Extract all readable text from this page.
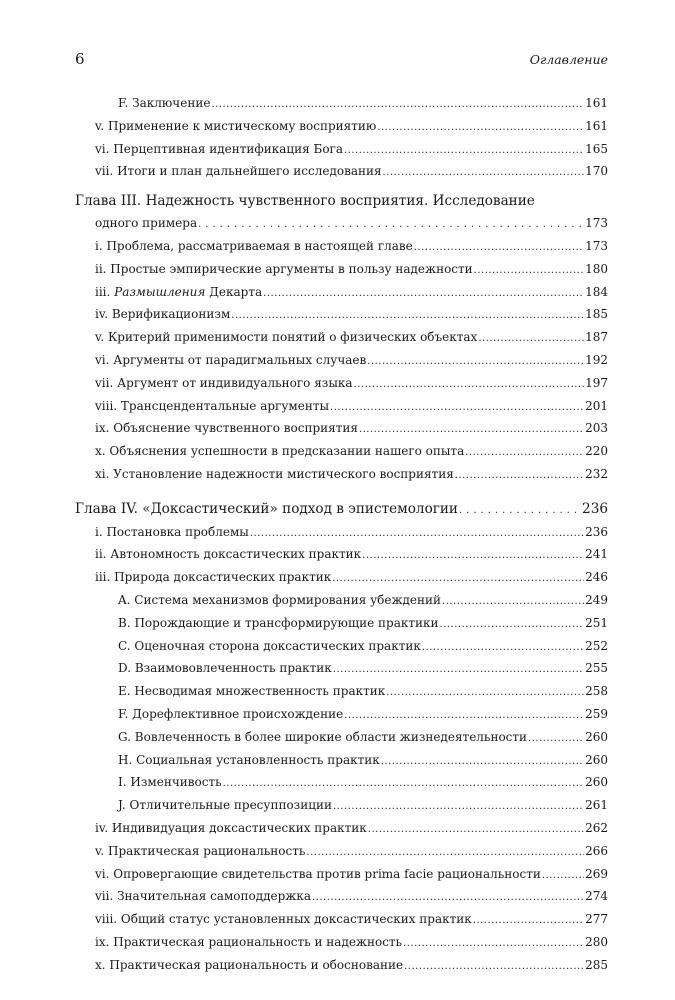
6	Оглавление
F. Заключение .....	161
v. Применение к мистическому восприятию .....	161
vi. Перцептивная идентификация Бога .....	165
vii. Итоги и план дальнейшего исследования .....	170
Глава III. Надежность чувственного восприятия. Исследование
одного примера .....	173
i. Проблема, рассматриваемая в настоящей главе .....	173
ii. Простые эмпирические аргументы в пользу надежности .....	180
iii. Размышления Декарта .....	184
iv. Верификационизм .....	185
v. Критерий применимости понятий о физических объектах .....	187
vi. Аргументы от парадигмальных случаев .....	192
vii. Аргумент от индивидуального языка .....	197
viii. Трансцендентальные аргументы .....	201
ix. Объяснение чувственного восприятия .....	203
x. Объяснения успешности в предсказании нашего опыта .....	220
xi. Установление надежности мистического восприятия .....	232
Глава IV. «Доксастический» подход в эпистемологии .....	236
i. Постановка проблемы .....	236
ii. Автономность доксастических практик .....	241
iii. Природа доксастических практик .....	246
A. Система механизмов формирования убеждений .....	249
B. Порождающие и трансформирующие практики .....	251
C. Оценочная сторона доксастических практик .....	252
D. Взаимововлеченность практик .....	255
E. Несводимая множественность практик .....	258
F. Дорефлективное происхождение .....	259
G. Вовлеченность в более широкие области жизнедеятельности .....	260
H. Социальная установленность практик .....	260
I. Изменчивость .....	260
J. Отличительные пресуппозиции .....	261
iv. Индивидуация доксастических практик .....	262
v. Практическая рациональность .....	266
vi. Опровергающие свидетельства против prima facie рациональности .....	269
vii. Значительная самоподдержка .....	274
viii. Общий статус установленных доксастических практик .....	277
ix. Практическая рациональность и надежность .....	280
x. Практическая рациональность и обоснование .....	285
